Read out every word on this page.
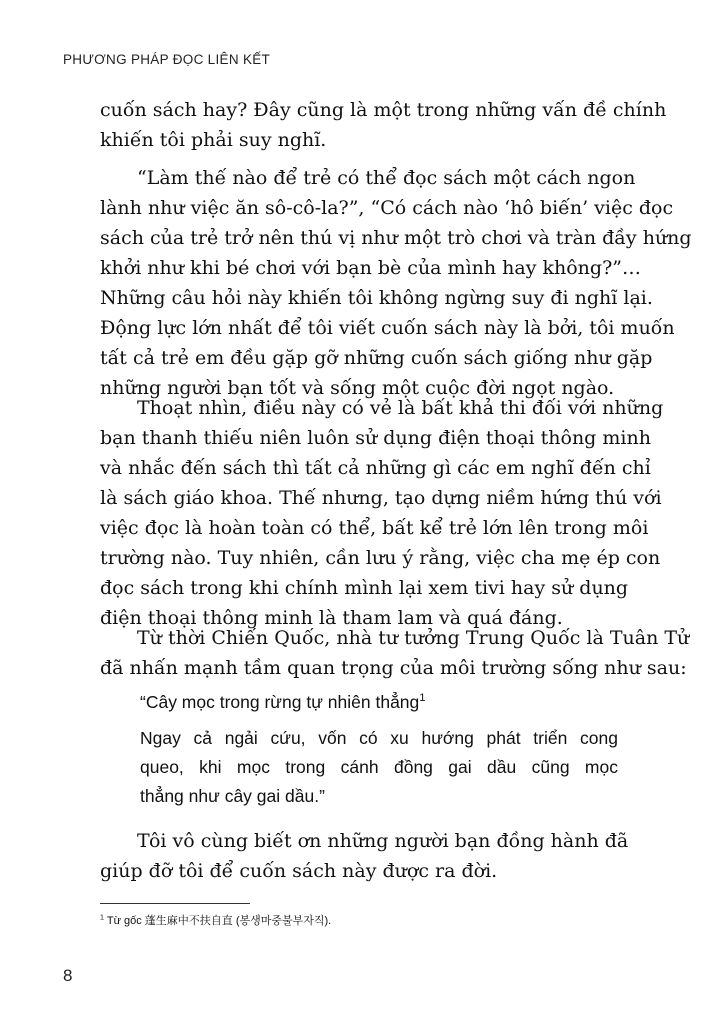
PHƯƠNG PHÁP ĐỌC LIÊN KẾT
cuốn sách hay? Đây cũng là một trong những vấn đề chính
khiến tôi phải suy nghĩ.
“Làm thế nào để trẻ có thể đọc sách một cách ngon
lành như việc ăn sô-cô-la?”, “Có cách nào ‘hô biến’ việc đọc
sách của trẻ trở nên thú vị như một trò chơi và tràn đầy hứng
khởi như khi bé chơi với bạn bè của mình hay không?”…
Những câu hỏi này khiến tôi không ngừng suy đi nghĩ lại.
Động lực lớn nhất để tôi viết cuốn sách này là bởi, tôi muốn
tất cả trẻ em đều gặp gỡ những cuốn sách giống như gặp
những người bạn tốt và sống một cuộc đời ngọt ngào.
Thoạt nhìn, điều này có vẻ là bất khả thi đối với những
bạn thanh thiếu niên luôn sử dụng điện thoại thông minh
và nhắc đến sách thì tất cả những gì các em nghĩ đến chỉ
là sách giáo khoa. Thế nhưng, tạo dựng niềm hứng thú với
việc đọc là hoàn toàn có thể, bất kể trẻ lớn lên trong môi
trường nào. Tuy nhiên, cần lưu ý rằng, việc cha mẹ ép con
đọc sách trong khi chính mình lại xem tivi hay sử dụng
điện thoại thông minh là tham lam và quá đáng.
Từ thời Chiến Quốc, nhà tư tưởng Trung Quốc là Tuân Tử
đã nhấn mạnh tầm quan trọng của môi trường sống như sau:
“Cây mọc trong rừng tự nhiên thẳng$^1$
Ngay cả ngải cứu, vốn có xu hướng phát triển cong
queo, khi mọc trong cánh đồng gai dầu cũng mọc
thẳng như cây gai dầu.”
Tôi vô cùng biết ơn những người bạn đồng hành đã
giúp đỡ tôi để cuốn sách này được ra đời.
$^1$ Từ gốc 蓬生麻中不扶自直 (봉생마중불부자직).
8
